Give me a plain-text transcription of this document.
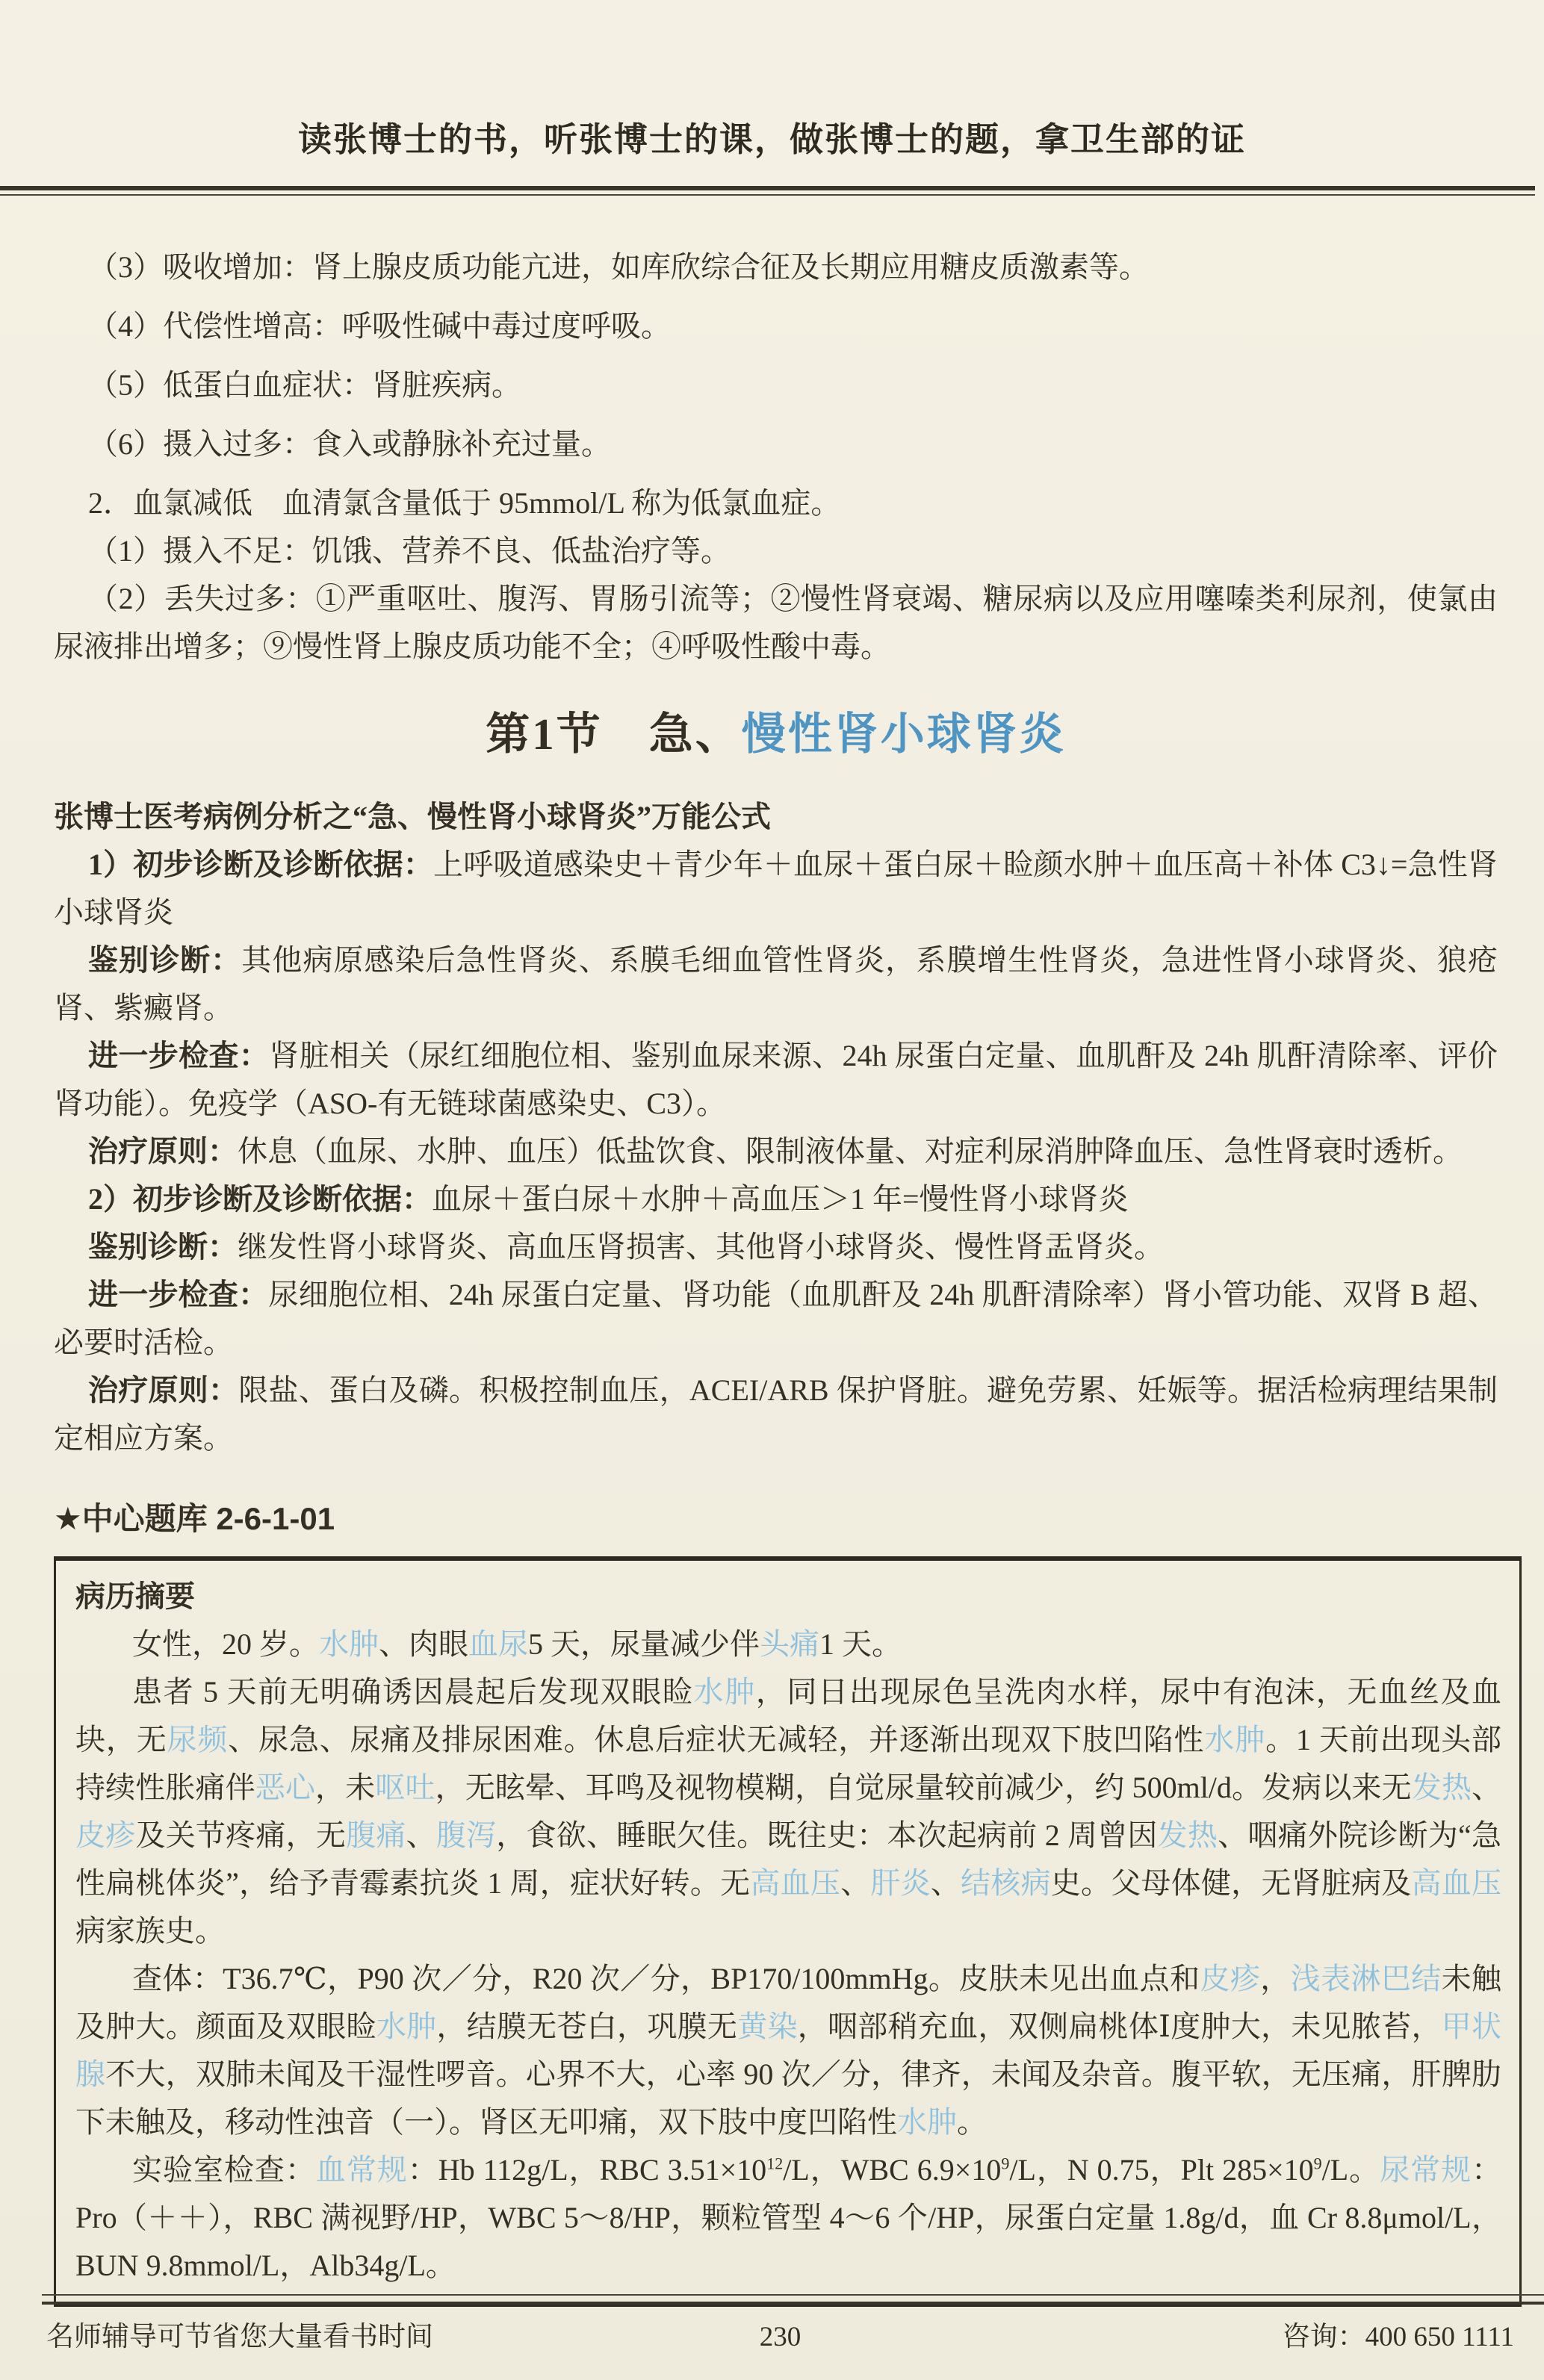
读张博士的书，听张博士的课，做张博士的题，拿卫生部的证

（3）吸收增加：肾上腺皮质功能亢进，如库欣综合征及长期应用糖皮质激素等。

（4）代偿性增高：呼吸性碱中毒过度呼吸。

（5）低蛋白血症状：肾脏疾病。

（6）摄入过多：食入或静脉补充过量。

2．血氯减低　血清氯含量低于 95mmol/L 称为低氯血症。

（1）摄入不足：饥饿、营养不良、低盐治疗等。

（2）丢失过多：①严重呕吐、腹泻、胃肠引流等；②慢性肾衰竭、糖尿病以及应用噻嗪类利尿剂，使氯由尿液排出增多；⑨慢性肾上腺皮质功能不全；④呼吸性酸中毒。

第1节　急、慢性肾小球肾炎

张博士医考病例分析之“急、慢性肾小球肾炎”万能公式

1）初步诊断及诊断依据：上呼吸道感染史＋青少年＋血尿＋蛋白尿＋睑颜水肿＋血压高＋补体 C3↓=急性肾小球肾炎

鉴别诊断：其他病原感染后急性肾炎、系膜毛细血管性肾炎，系膜增生性肾炎，急进性肾小球肾炎、狼疮肾、紫癜肾。

进一步检查：肾脏相关（尿红细胞位相、鉴别血尿来源、24h 尿蛋白定量、血肌酐及 24h 肌酐清除率、评价肾功能）。免疫学（ASO-有无链球菌感染史、C3）。

治疗原则：休息（血尿、水肿、血压）低盐饮食、限制液体量、对症利尿消肿降血压、急性肾衰时透析。

2）初步诊断及诊断依据：血尿＋蛋白尿＋水肿＋高血压＞1 年=慢性肾小球肾炎

鉴别诊断：继发性肾小球肾炎、高血压肾损害、其他肾小球肾炎、慢性肾盂肾炎。

进一步检查：尿细胞位相、24h 尿蛋白定量、肾功能（血肌酐及 24h 肌酐清除率）肾小管功能、双肾 B 超、必要时活检。

治疗原则：限盐、蛋白及磷。积极控制血压，ACEI/ARB 保护肾脏。避免劳累、妊娠等。据活检病理结果制定相应方案。

★中心题库 2-6-1-01

病历摘要

女性，20 岁。水肿、肉眼血尿5 天，尿量减少伴头痛1 天。

患者 5 天前无明确诱因晨起后发现双眼睑水肿，同日出现尿色呈洗肉水样，尿中有泡沫，无血丝及血块，无尿频、尿急、尿痛及排尿困难。休息后症状无减轻，并逐渐出现双下肢凹陷性水肿。1 天前出现头部持续性胀痛伴恶心，未呕吐，无眩晕、耳鸣及视物模糊，自觉尿量较前减少，约 500ml/d。发病以来无发热、皮疹及关节疼痛，无腹痛、腹泻，食欲、睡眠欠佳。既往史：本次起病前 2 周曾因发热、咽痛外院诊断为“急性扁桃体炎”，给予青霉素抗炎 1 周，症状好转。无高血压、肝炎、结核病史。父母体健，无肾脏病及高血压病家族史。

查体：T36.7℃，P90 次／分，R20 次／分，BP170/100mmHg。皮肤未见出血点和皮疹，浅表淋巴结未触及肿大。颜面及双眼睑水肿，结膜无苍白，巩膜无黄染，咽部稍充血，双侧扁桃体Ⅰ度肿大，未见脓苔，甲状腺不大，双肺未闻及干湿性啰音。心界不大，心率 90 次／分，律齐，未闻及杂音。腹平软，无压痛，肝脾肋下未触及，移动性浊音（一）。肾区无叩痛，双下肢中度凹陷性水肿。

实验室检查：血常规：Hb 112g/L，RBC $3.51\times 10^{12}/L$，WBC $6.9\times 10^9/L$，N 0.75，Plt $285\times 10^9/L$。尿常规：Pro（＋＋），RBC 满视野/HP，WBC 5～8/HP，颗粒管型 4～6 个/HP，尿蛋白定量 1.8g/d，血 Cr 8.8μmol/L，BUN 9.8mmol/L，Alb34g/L。

名师辅导可节省您大量看书时间	230	咨询：400 650 1111
